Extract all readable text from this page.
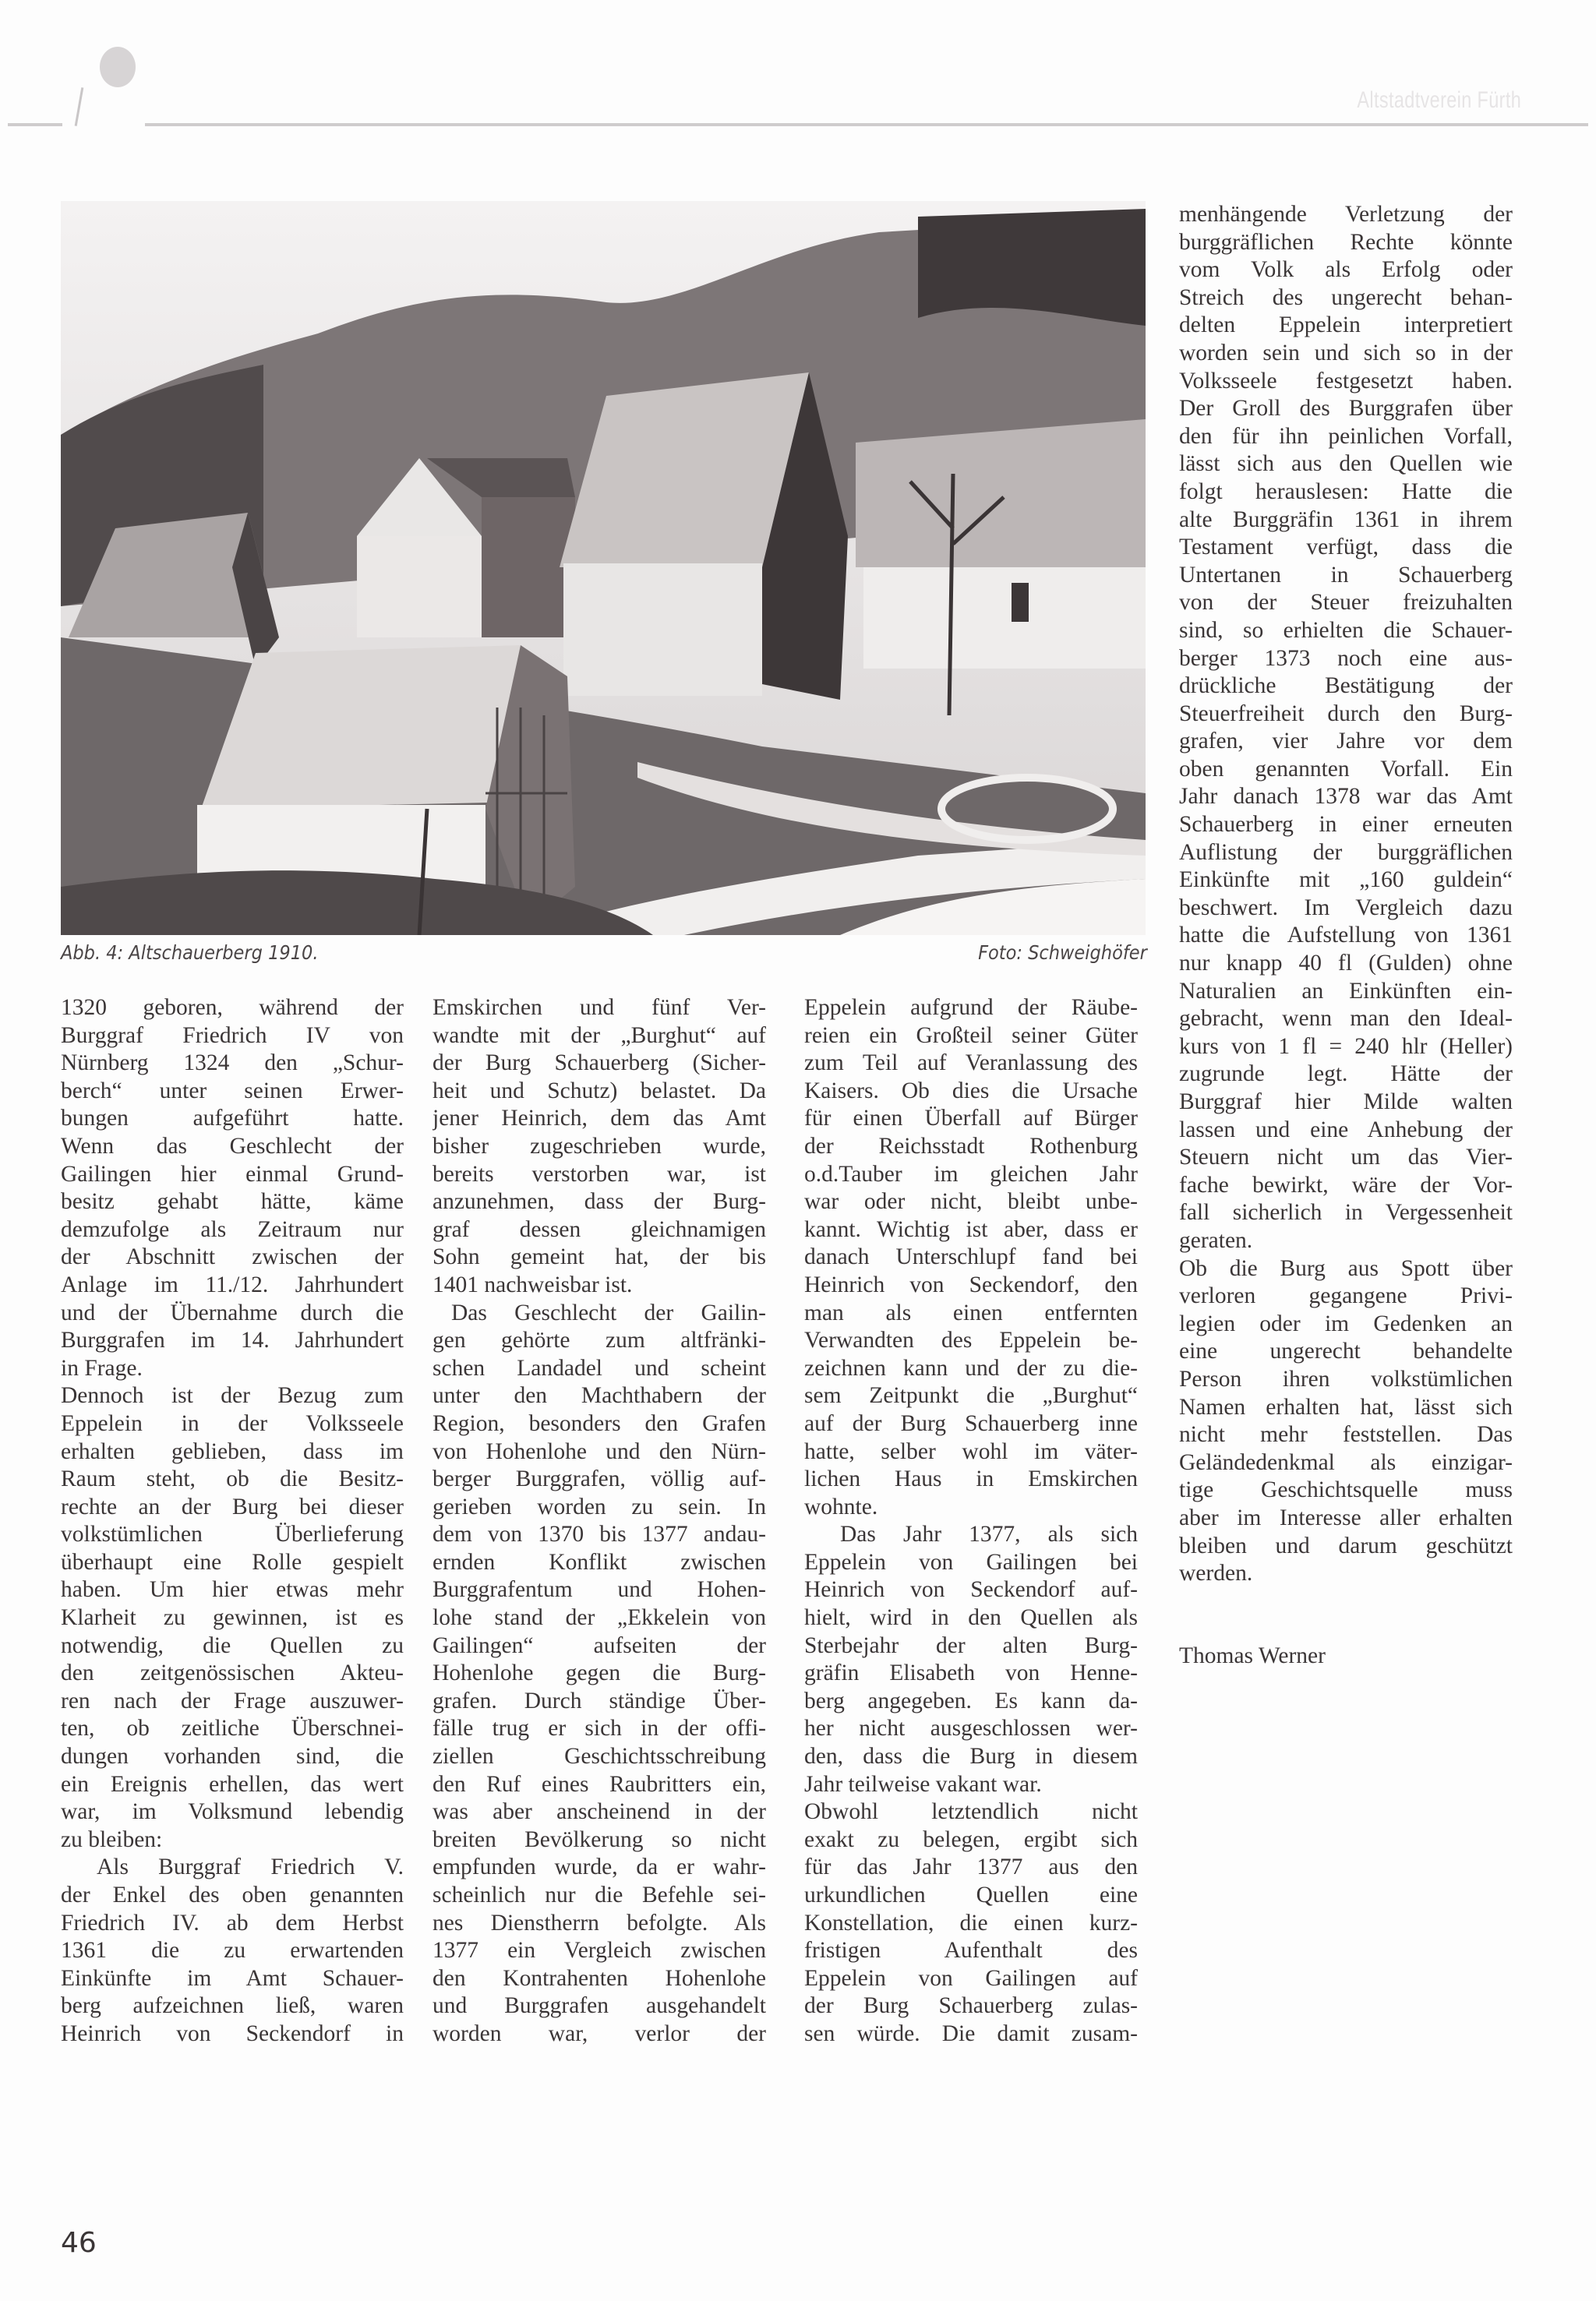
Altstadtverein Fürth
Abb. 4: Altschauerberg 1910.	Foto: Schweighöfer

1320 geboren, während der
Burggraf Friedrich IV von
Nürnberg 1324 den „Schur-
berch“ unter seinen Erwer-
bungen aufgeführt hatte.
Wenn das Geschlecht der
Gailingen hier einmal Grund-
besitz gehabt hätte, käme
demzufolge als Zeitraum nur
der Abschnitt zwischen der
Anlage im 11./12. Jahrhundert
und der Übernahme durch die
Burggrafen im 14. Jahrhundert
in Frage.

Dennoch ist der Bezug zum
Eppelein in der Volksseele
erhalten geblieben, dass im
Raum steht, ob die Besitz-
rechte an der Burg bei dieser
volkstümlichen Überlieferung
überhaupt eine Rolle gespielt
haben. Um hier etwas mehr
Klarheit zu gewinnen, ist es
notwendig, die Quellen zu
den zeitgenössischen Akteu-
ren nach der Frage auszuwer-
ten, ob zeitliche Überschnei-
dungen vorhanden sind, die
ein Ereignis erhellen, das wert
war, im Volksmund lebendig
zu bleiben:

Als Burggraf Friedrich V.
der Enkel des oben genannten
Friedrich IV. ab dem Herbst
1361 die zu erwartenden
Einkünfte im Amt Schauer-
berg aufzeichnen ließ, waren
Heinrich von Seckendorf in

Emskirchen und fünf Ver-
wandte mit der „Burghut“ auf
der Burg Schauerberg (Sicher-
heit und Schutz) belastet. Da
jener Heinrich, dem das Amt
bisher zugeschrieben wurde,
bereits verstorben war, ist
anzunehmen, dass der Burg-
graf dessen gleichnamigen
Sohn gemeint hat, der bis
1401 nachweisbar ist.

Das Geschlecht der Gailin-
gen gehörte zum altfränki-
schen Landadel und scheint
unter den Machthabern der
Region, besonders den Grafen
von Hohenlohe und den Nürn-
berger Burggrafen, völlig auf-
gerieben worden zu sein. In
dem von 1370 bis 1377 andau-
ernden Konflikt zwischen
Burggrafentum und Hohen-
lohe stand der „Ekkelein von
Gailingen“ aufseiten der
Hohenlohe gegen die Burg-
grafen. Durch ständige Über-
fälle trug er sich in der offi-
ziellen Geschichtsschreibung
den Ruf eines Raubritters ein,
was aber anscheinend in der
breiten Bevölkerung so nicht
empfunden wurde, da er wahr-
scheinlich nur die Befehle sei-
nes Dienstherrn befolgte. Als
1377 ein Vergleich zwischen
den Kontrahenten Hohenlohe
und Burggrafen ausgehandelt
worden war, verlor der

Eppelein aufgrund der Räube-
reien ein Großteil seiner Güter
zum Teil auf Veranlassung des
Kaisers. Ob dies die Ursache
für einen Überfall auf Bürger
der Reichsstadt Rothenburg
o.d.Tauber im gleichen Jahr
war oder nicht, bleibt unbe-
kannt. Wichtig ist aber, dass er
danach Unterschlupf fand bei
Heinrich von Seckendorf, den
man als einen entfernten
Verwandten des Eppelein be-
zeichnen kann und der zu die-
sem Zeitpunkt die „Burghut“
auf der Burg Schauerberg inne
hatte, selber wohl im väter-
lichen Haus in Emskirchen
wohnte.

Das Jahr 1377, als sich
Eppelein von Gailingen bei
Heinrich von Seckendorf auf-
hielt, wird in den Quellen als
Sterbejahr der alten Burg-
gräfin Elisabeth von Henne-
berg angegeben. Es kann da-
her nicht ausgeschlossen wer-
den, dass die Burg in diesem
Jahr teilweise vakant war.

Obwohl letztendlich nicht
exakt zu belegen, ergibt sich
für das Jahr 1377 aus den
urkundlichen Quellen eine
Konstellation, die einen kurz-
fristigen Aufenthalt des
Eppelein von Gailingen auf
der Burg Schauerberg zulas-
sen würde. Die damit zusam-

menhängende Verletzung der
burggräflichen Rechte könnte
vom Volk als Erfolg oder
Streich des ungerecht behan-
delten Eppelein interpretiert
worden sein und sich so in der
Volksseele festgesetzt haben.
Der Groll des Burggrafen über
den für ihn peinlichen Vorfall,
lässt sich aus den Quellen wie
folgt herauslesen: Hatte die
alte Burggräfin 1361 in ihrem
Testament verfügt, dass die
Untertanen in Schauerberg
von der Steuer freizuhalten
sind, so erhielten die Schauer-
berger 1373 noch eine aus-
drückliche Bestätigung der
Steuerfreiheit durch den Burg-
grafen, vier Jahre vor dem
oben genannten Vorfall. Ein
Jahr danach 1378 war das Amt
Schauerberg in einer erneuten
Auflistung der burggräflichen
Einkünfte mit „160 guldein“
beschwert. Im Vergleich dazu
hatte die Aufstellung von 1361
nur knapp 40 fl (Gulden) ohne
Naturalien an Einkünften ein-
gebracht, wenn man den Ideal-
kurs von 1 fl = 240 hlr (Heller)
zugrunde legt. Hätte der
Burggraf hier Milde walten
lassen und eine Anhebung der
Steuern nicht um das Vier-
fache bewirkt, wäre der Vor-
fall sicherlich in Vergessenheit
geraten.

Ob die Burg aus Spott über
verloren gegangene Privi-
legien oder im Gedenken an
eine ungerecht behandelte
Person ihren volkstümlichen
Namen erhalten hat, lässt sich
nicht mehr feststellen. Das
Geländedenkmal als einzigar-
tige Geschichtsquelle muss
aber im Interesse aller erhalten
bleiben und darum geschützt
werden.

Thomas Werner

46
